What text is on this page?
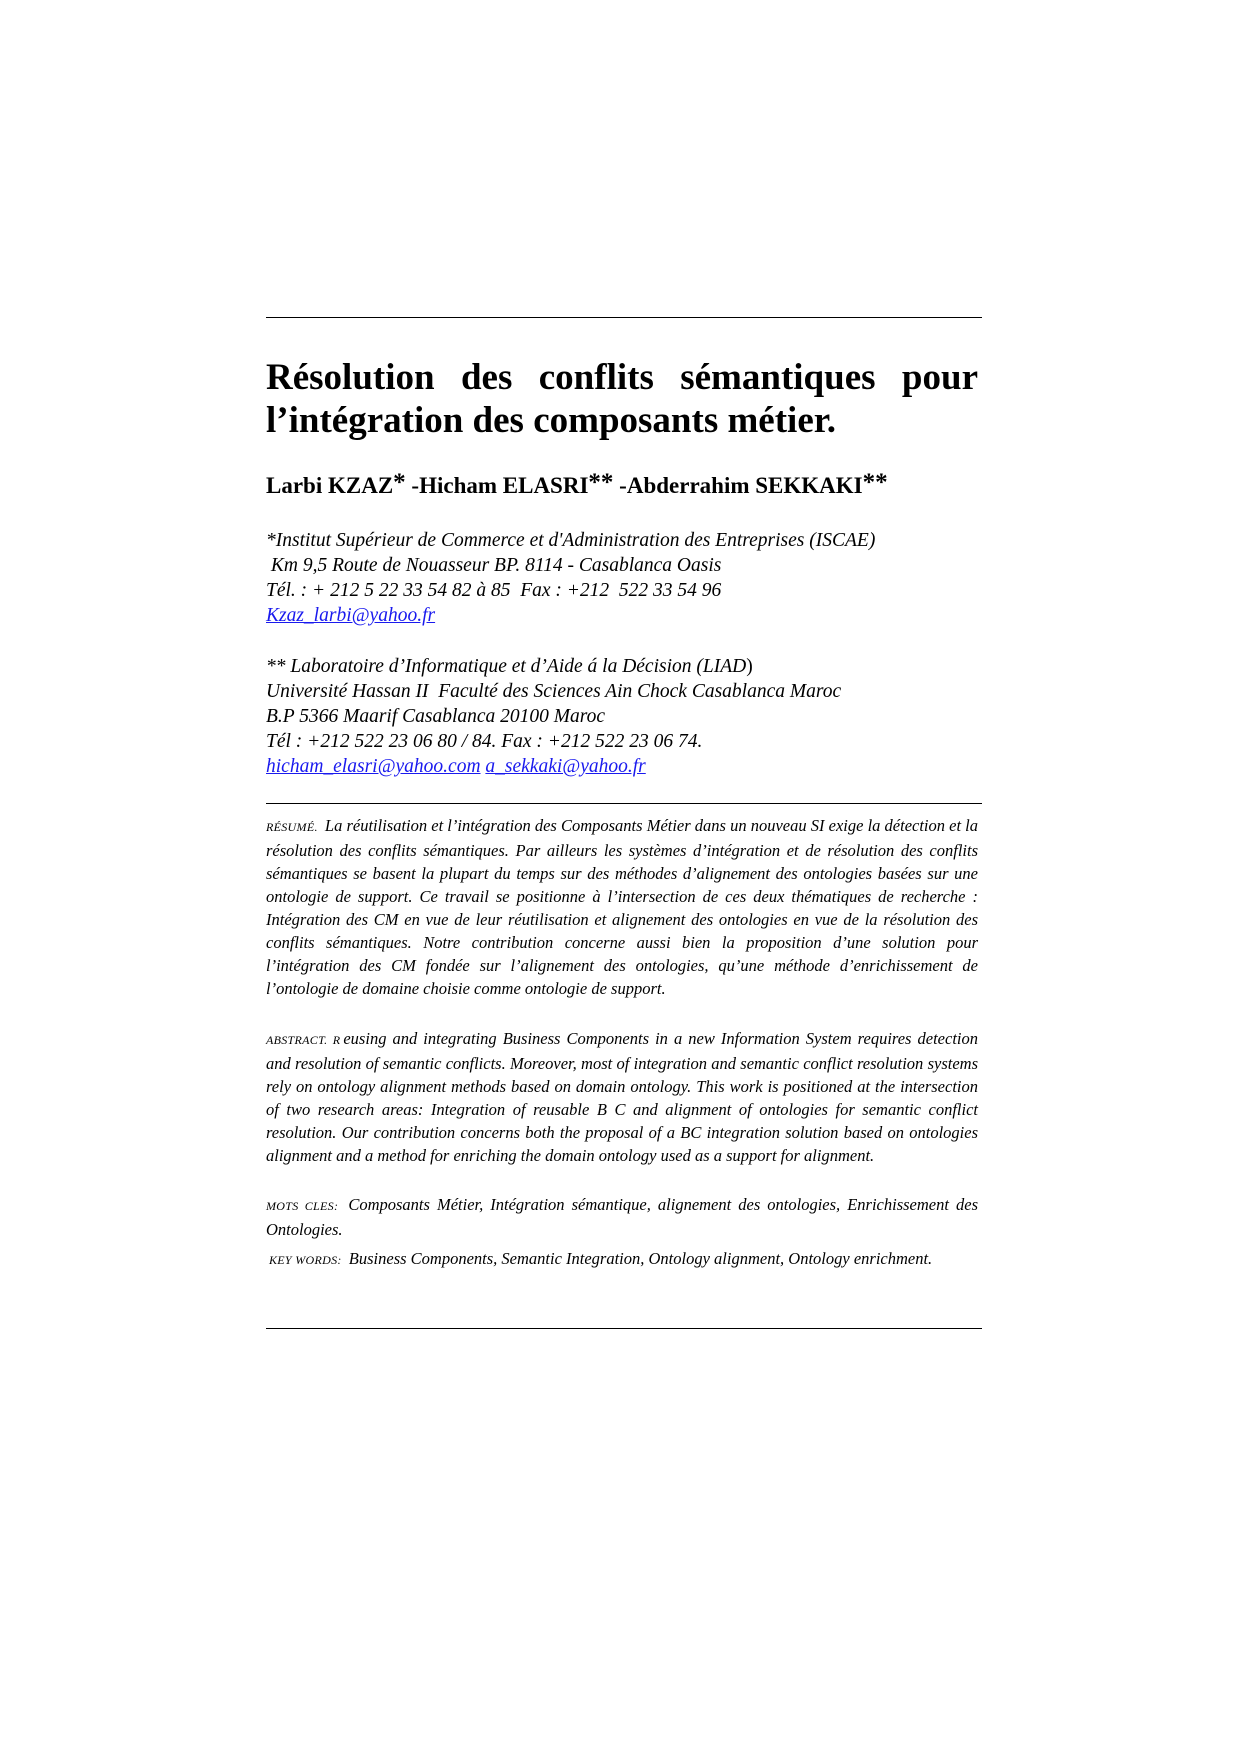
Résolution des conflits sémantiques pour
l’intégration des composants métier.
Larbi KZAZ* -Hicham ELASRI** -Abderrahim SEKKAKI**
*Institut Supérieur de Commerce et d'Administration des Entreprises (ISCAE)
Km 9,5 Route de Nouasseur BP. 8114 - Casablanca Oasis
Tél. : + 212 5 22 33 54 82 à 85  Fax : +212  522 33 54 96
Kzaz_larbi@yahoo.fr
** Laboratoire d’Informatique et d’Aide á la Décision (LIAD)
Université Hassan II  Faculté des Sciences Ain Chock Casablanca Maroc
B.P 5366 Maarif Casablanca 20100 Maroc
Tél : +212 522 23 06 80 / 84. Fax : +212 522 23 06 74.
hicham_elasri@yahoo.com a_sekkaki@yahoo.fr

RÉSUMÉ. La réutilisation et l’intégration des Composants Métier dans un nouveau SI exige la détection et la résolution des conflits sémantiques. Par ailleurs les systèmes d’intégration et de résolution des conflits sémantiques se basent la plupart du temps sur des méthodes d’alignement des ontologies basées sur une ontologie de support. Ce travail se positionne à l’intersection de ces deux thématiques de recherche : Intégration des CM en vue de leur réutilisation et alignement des ontologies en vue de la résolution des conflits sémantiques. Notre contribution concerne aussi bien la proposition d’une solution pour l’intégration des CM fondée sur l’alignement des ontologies, qu’une méthode d’enrichissement de l’ontologie de domaine choisie comme ontologie de support.

ABSTRACT. R eusing and integrating Business Components in a new Information System requires detection and resolution of semantic conflicts. Moreover, most of integration and semantic conflict resolution systems rely on ontology alignment methods based on domain ontology. This work is positioned at the intersection of two research areas: Integration of reusable B C and alignment of ontologies for semantic conflict resolution. Our contribution concerns both the proposal of a BC integration solution based on ontologies alignment and a method for enriching the domain ontology used as a support for alignment.

MOTS CLES: Composants Métier, Intégration sémantique, alignement des ontologies, Enrichissement des Ontologies.

KEY WORDS: Business Components, Semantic Integration, Ontology alignment, Ontology enrichment.
